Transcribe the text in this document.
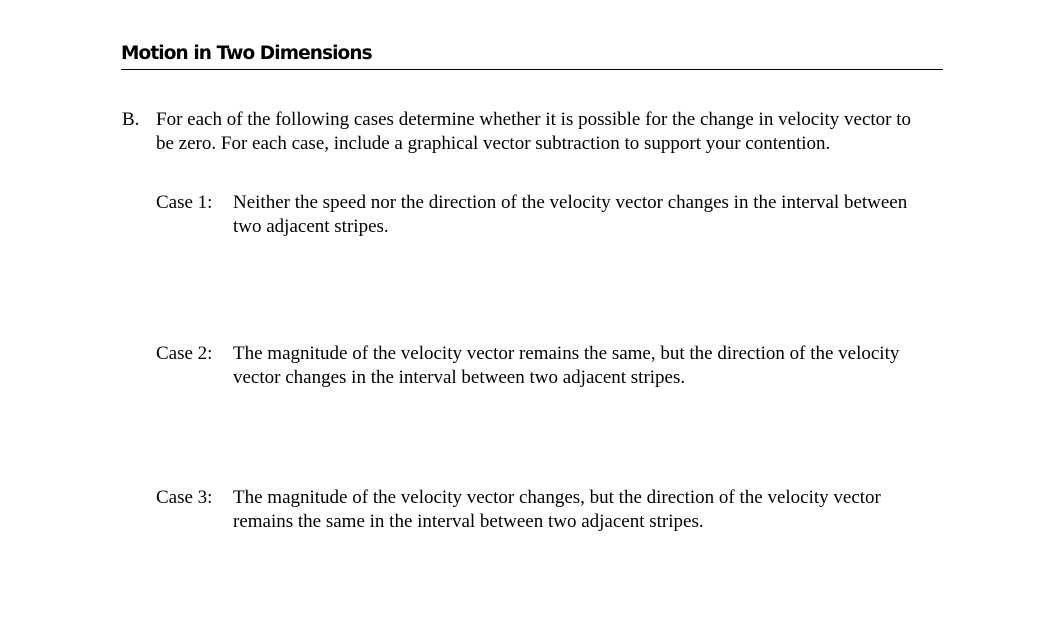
Motion in Two Dimensions
B. For each of the following cases determine whether it is possible for the change in velocity vector to be zero. For each case, include a graphical vector subtraction to support your contention.
Case 1: Neither the speed nor the direction of the velocity vector changes in the interval between two adjacent stripes.
Case 2: The magnitude of the velocity vector remains the same, but the direction of the velocity vector changes in the interval between two adjacent stripes.
Case 3: The magnitude of the velocity vector changes, but the direction of the velocity vector remains the same in the interval between two adjacent stripes.
